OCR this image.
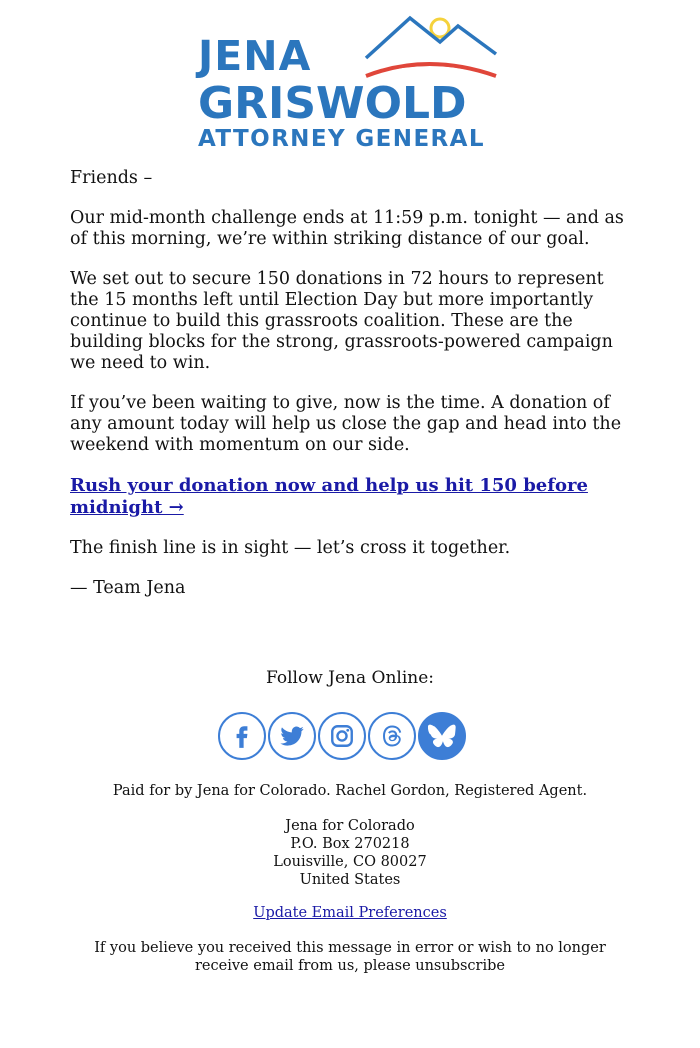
JENA
GRISWOLD
ATTORNEY GENERAL

Friends –

Our mid-month challenge ends at 11:59 p.m. tonight — and as of this morning, we’re within striking distance of our goal.

We set out to secure 150 donations in 72 hours to represent the 15 months left until Election Day but more importantly continue to build this grassroots coalition. These are the building blocks for the strong, grassroots-powered campaign we need to win.

If you’ve been waiting to give, now is the time. A donation of any amount today will help us close the gap and head into the weekend with momentum on our side.

Rush your donation now and help us hit 150 before midnight →

The finish line is in sight — let’s cross it together.

— Team Jena

Follow Jena Online:
Paid for by Jena for Colorado. Rachel Gordon, Registered Agent.
Jena for Colorado
P.O. Box 270218
Louisville, CO 80027
United States
Update Email Preferences
If you believe you received this message in error or wish to no longer receive email from us, please unsubscribe
